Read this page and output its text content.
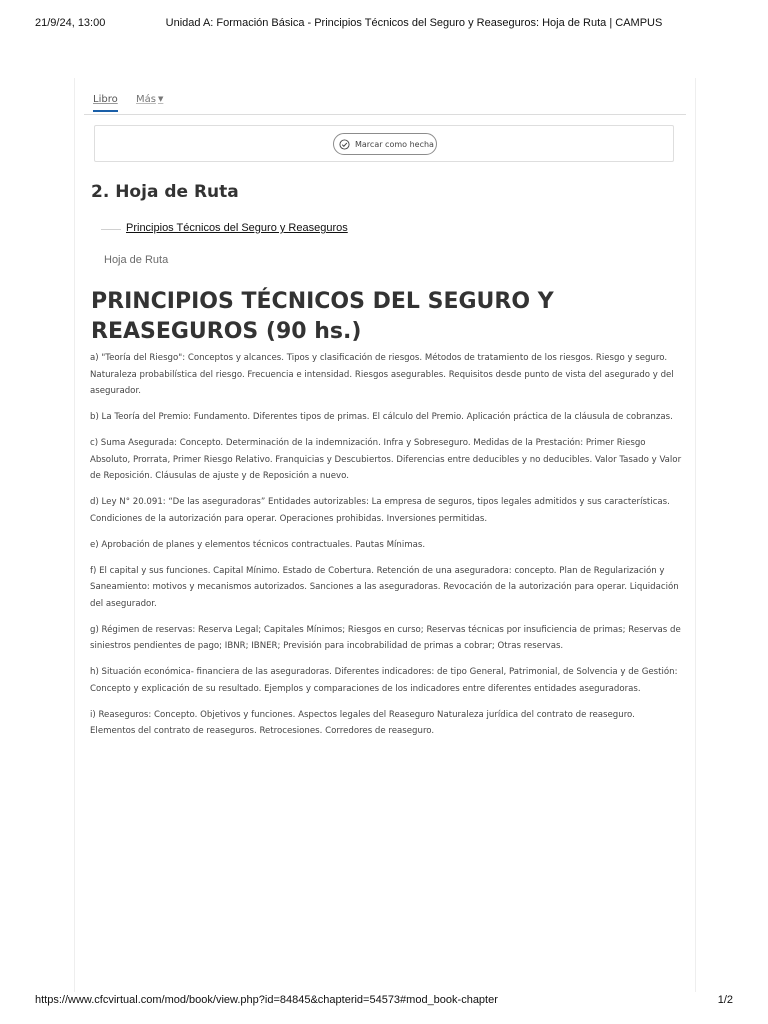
21/9/24, 13:00	Unidad A: Formación Básica - Principios Técnicos del Seguro y Reaseguros: Hoja de Ruta | CAMPUS
Libro Más ▼
Marcar como hecha
2. Hoja de Ruta
Principios Técnicos del Seguro y Reaseguros
Hoja de Ruta
PRINCIPIOS TÉCNICOS DEL SEGURO Y REASEGUROS (90 hs.)

a) "Teoría del Riesgo": Conceptos y alcances. Tipos y clasificación de riesgos. Métodos de tratamiento de los riesgos. Riesgo y seguro. Naturaleza probabilística del riesgo. Frecuencia e intensidad. Riesgos asegurables. Requisitos desde punto de vista del asegurado y del asegurador.

b) La Teoría del Premio: Fundamento. Diferentes tipos de primas. El cálculo del Premio. Aplicación práctica de la cláusula de cobranzas.

c) Suma Asegurada: Concepto. Determinación de la indemnización. Infra y Sobreseguro. Medidas de la Prestación: Primer Riesgo Absoluto, Prorrata, Primer Riesgo Relativo. Franquicias y Descubiertos. Diferencias entre deducibles y no deducibles. Valor Tasado y Valor de Reposición. Cláusulas de ajuste y de Reposición a nuevo.

d) Ley N° 20.091: “De las aseguradoras” Entidades autorizables: La empresa de seguros, tipos legales admitidos y sus características. Condiciones de la autorización para operar. Operaciones prohibidas. Inversiones permitidas.

e) Aprobación de planes y elementos técnicos contractuales. Pautas Mínimas.

f) El capital y sus funciones. Capital Mínimo. Estado de Cobertura. Retención de una aseguradora: concepto. Plan de Regularización y Saneamiento: motivos y mecanismos autorizados. Sanciones a las aseguradoras. Revocación de la autorización para operar. Liquidación del asegurador.

g) Régimen de reservas: Reserva Legal; Capitales Mínimos; Riesgos en curso; Reservas técnicas por insuficiencia de primas; Reservas de siniestros pendientes de pago; IBNR; IBNER; Previsión para incobrabilidad de primas a cobrar; Otras reservas.

h) Situación económica- financiera de las aseguradoras. Diferentes indicadores: de tipo General, Patrimonial, de Solvencia y de Gestión: Concepto y explicación de su resultado. Ejemplos y comparaciones de los indicadores entre diferentes entidades aseguradoras.

i) Reaseguros: Concepto. Objetivos y funciones. Aspectos legales del Reaseguro Naturaleza jurídica del contrato de reaseguro. Elementos del contrato de reaseguros. Retrocesiones. Corredores de reaseguro.

https://www.cfcvirtual.com/mod/book/view.php?id=84845&chapterid=54573#mod_book-chapter	1/2
